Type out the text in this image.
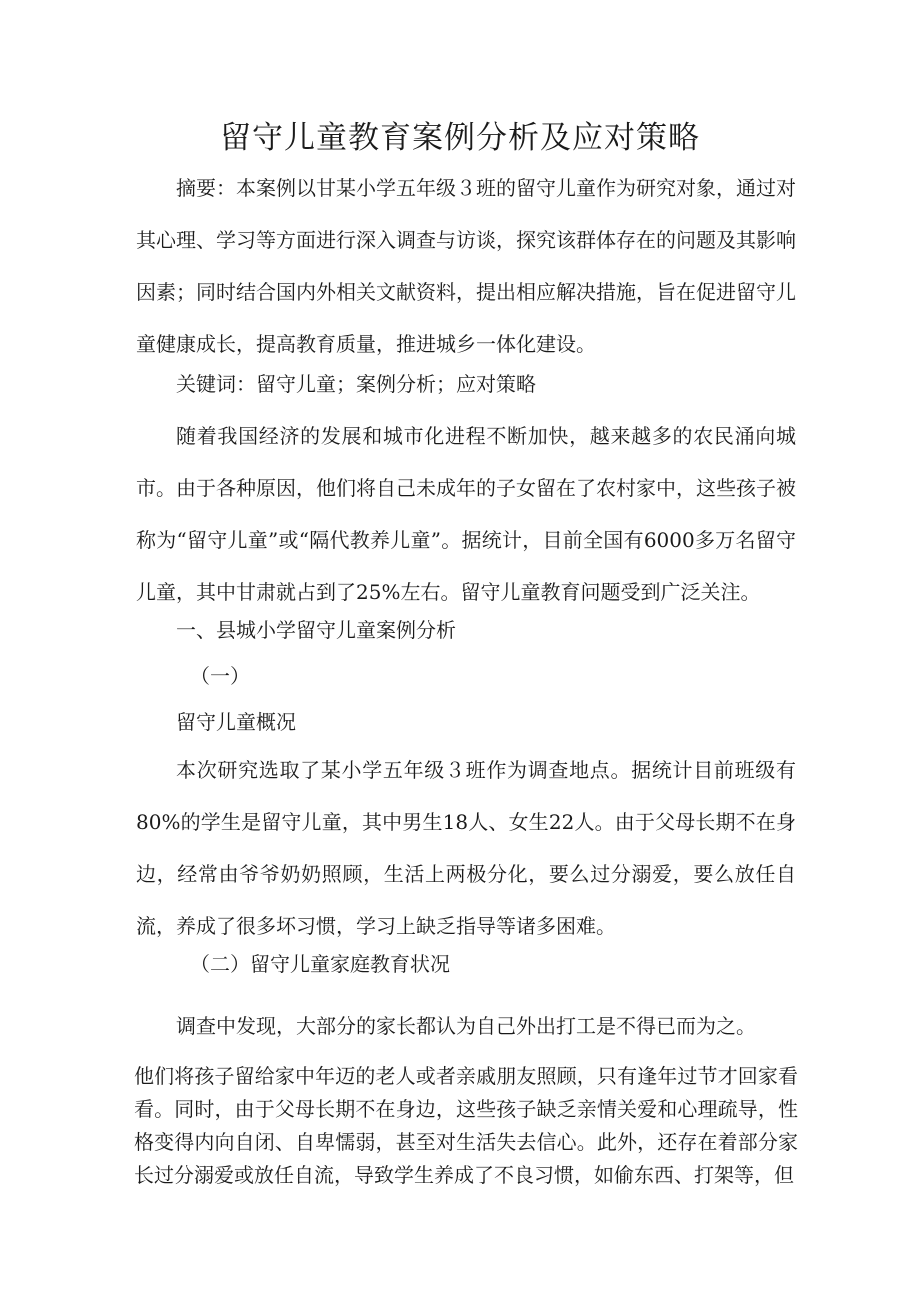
留守儿童教育案例分析及应对策略

摘要：本案例以甘某小学五年级３班的留守儿童作为研究对象，通过对其心理、学习等方面进行深入调查与访谈，探究该群体存在的问题及其影响因素；同时结合国内外相关文献资料，提出相应解决措施，旨在促进留守儿童健康成长，提高教育质量，推进城乡一体化建设。

关键词：留守儿童；案例分析；应对策略

随着我国经济的发展和城市化进程不断加快，越来越多的农民涌向城市。由于各种原因，他们将自己未成年的子女留在了农村家中，这些孩子被称为“留守儿童”或“隔代教养儿童”。据统计，目前全国有6000多万名留守儿童，其中甘肃就占到了25%左右。留守儿童教育问题受到广泛关注。

一、县城小学留守儿童案例分析

（一）

留守儿童概况

本次研究选取了某小学五年级３班作为调查地点。据统计目前班级有80%的学生是留守儿童，其中男生18人、女生22人。由于父母长期不在身边，经常由爷爷奶奶照顾，生活上两极分化，要么过分溺爱，要么放任自流，养成了很多坏习惯，学习上缺乏指导等诸多困难。

（二）留守儿童家庭教育状况

调查中发现，大部分的家长都认为自己外出打工是不得已而为之。

他们将孩子留给家中年迈的老人或者亲戚朋友照顾，只有逢年过节才回家看看。同时，由于父母长期不在身边，这些孩子缺乏亲情关爱和心理疏导，性格变得内向自闭、自卑懦弱，甚至对生活失去信心。此外，还存在着部分家长过分溺爱或放任自流，导致学生养成了不良习惯，如偷东西、打架等，但
